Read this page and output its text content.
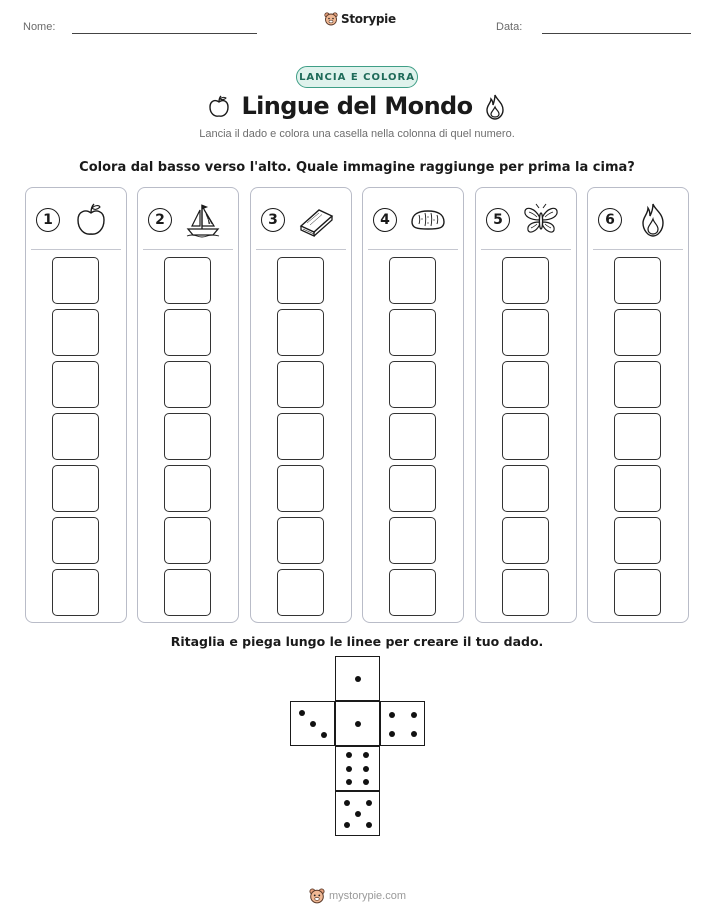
Nome:
Storypie
Data:
LANCIA E COLORA
Lingue del Mondo
Lancia il dado e colora una casella nella colonna di quel numero.
Colora dal basso verso l'alto. Quale immagine raggiunge per prima la cima?
1	2	3	4	5	6
Ritaglia e piega lungo le linee per creare il tuo dado.
mystorypie.com
